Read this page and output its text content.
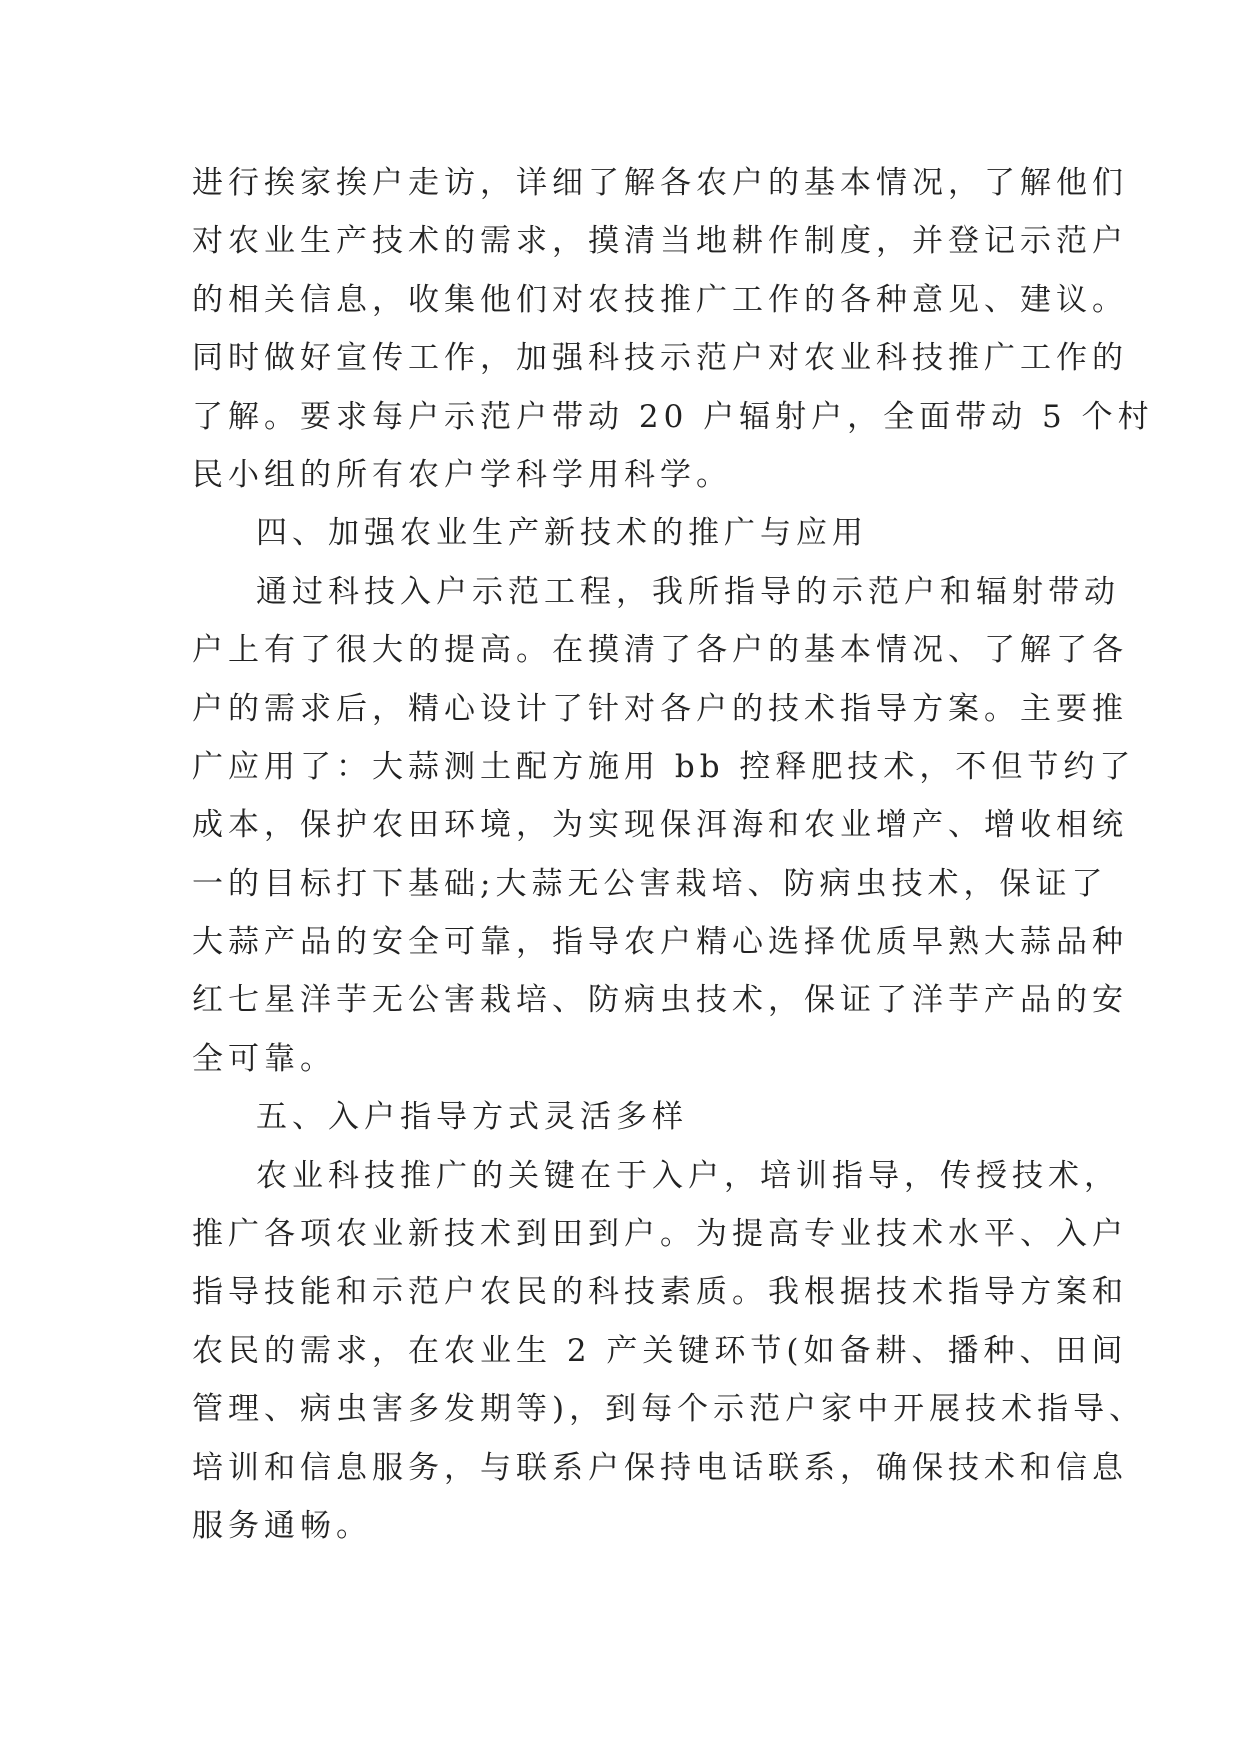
进行挨家挨户走访，详细了解各农户的基本情况，了解他们
对农业生产技术的需求，摸清当地耕作制度，并登记示范户
的相关信息，收集他们对农技推广工作的各种意见、建议。
同时做好宣传工作，加强科技示范户对农业科技推广工作的
了解。要求每户示范户带动 20 户辐射户，全面带动 5 个村
民小组的所有农户学科学用科学。
四、加强农业生产新技术的推广与应用
通过科技入户示范工程，我所指导的示范户和辐射带动
户上有了很大的提高。在摸清了各户的基本情况、了解了各
户的需求后，精心设计了针对各户的技术指导方案。主要推
广应用了：大蒜测土配方施用 bb 控释肥技术，不但节约了
成本，保护农田环境，为实现保洱海和农业增产、增收相统
一的目标打下基础;大蒜无公害栽培、防病虫技术，保证了
大蒜产品的安全可靠，指导农户精心选择优质早熟大蒜品种
红七星洋芋无公害栽培、防病虫技术，保证了洋芋产品的安
全可靠。
五、入户指导方式灵活多样
农业科技推广的关键在于入户，培训指导，传授技术，
推广各项农业新技术到田到户。为提高专业技术水平、入户
指导技能和示范户农民的科技素质。我根据技术指导方案和
农民的需求，在农业生 2 产关键环节(如备耕、播种、田间
管理、病虫害多发期等)，到每个示范户家中开展技术指导、
培训和信息服务，与联系户保持电话联系，确保技术和信息
服务通畅。
